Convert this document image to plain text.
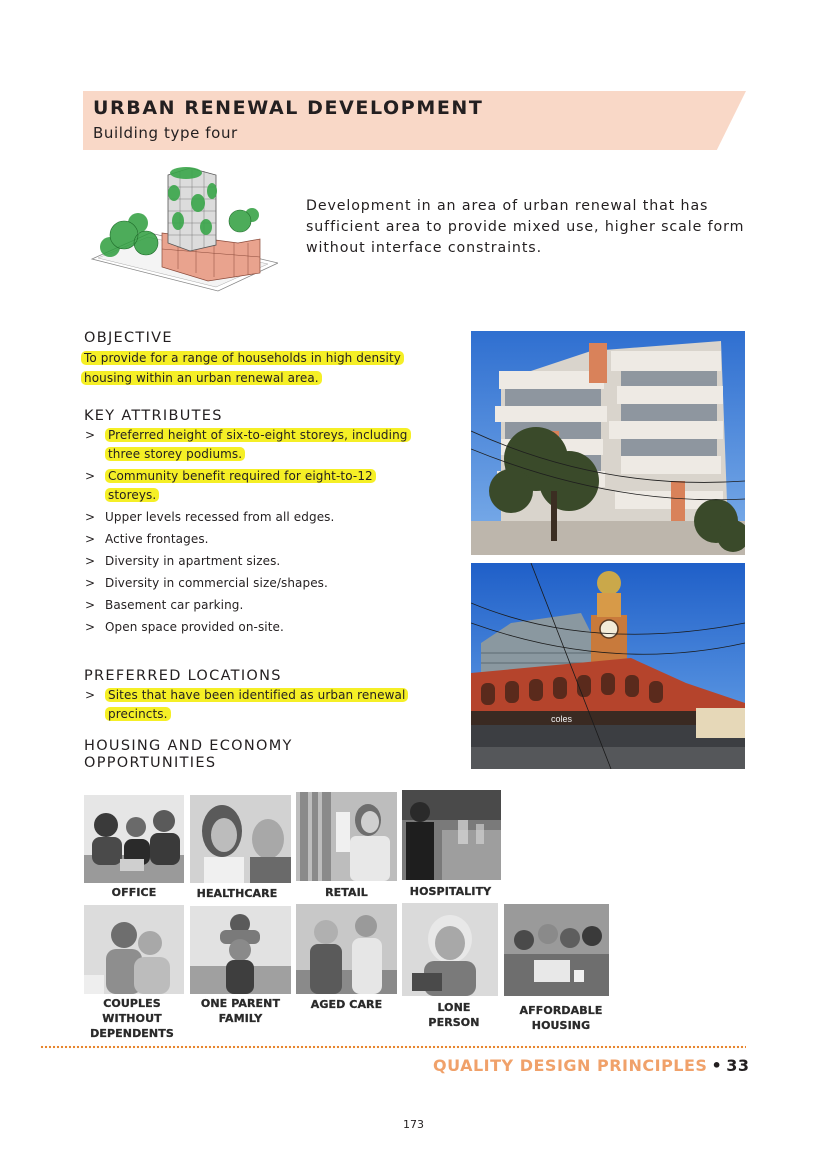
URBAN RENEWAL DEVELOPMENT
Building type four
Development in an area of urban renewal that has sufficient area to provide mixed use, higher scale form without interface constraints.
OBJECTIVE
To provide for a range of households in high density housing within an urban renewal area.
KEY ATTRIBUTES
> Preferred height of six-to-eight storeys, including three storey podiums.
> Community benefit required for eight-to-12 storeys.
> Upper levels recessed from all edges.
> Active frontages.
> Diversity in apartment sizes.
> Diversity in commercial size/shapes.
> Basement car parking.
> Open space provided on-site.
PREFERRED LOCATIONS
> Sites that have been identified as urban renewal precincts.
HOUSING AND ECONOMY
OPPORTUNITIES
coles
OFFICE	HEALTHCARE	RETAIL	HOSPITALITY
COUPLES
WITHOUT
DEPENDENTS
ONE PARENT
FAMILY
AGED CARE	LONE
PERSON
AFFORDABLE
HOUSING
QUALITY DESIGN PRINCIPLES • 33
173
